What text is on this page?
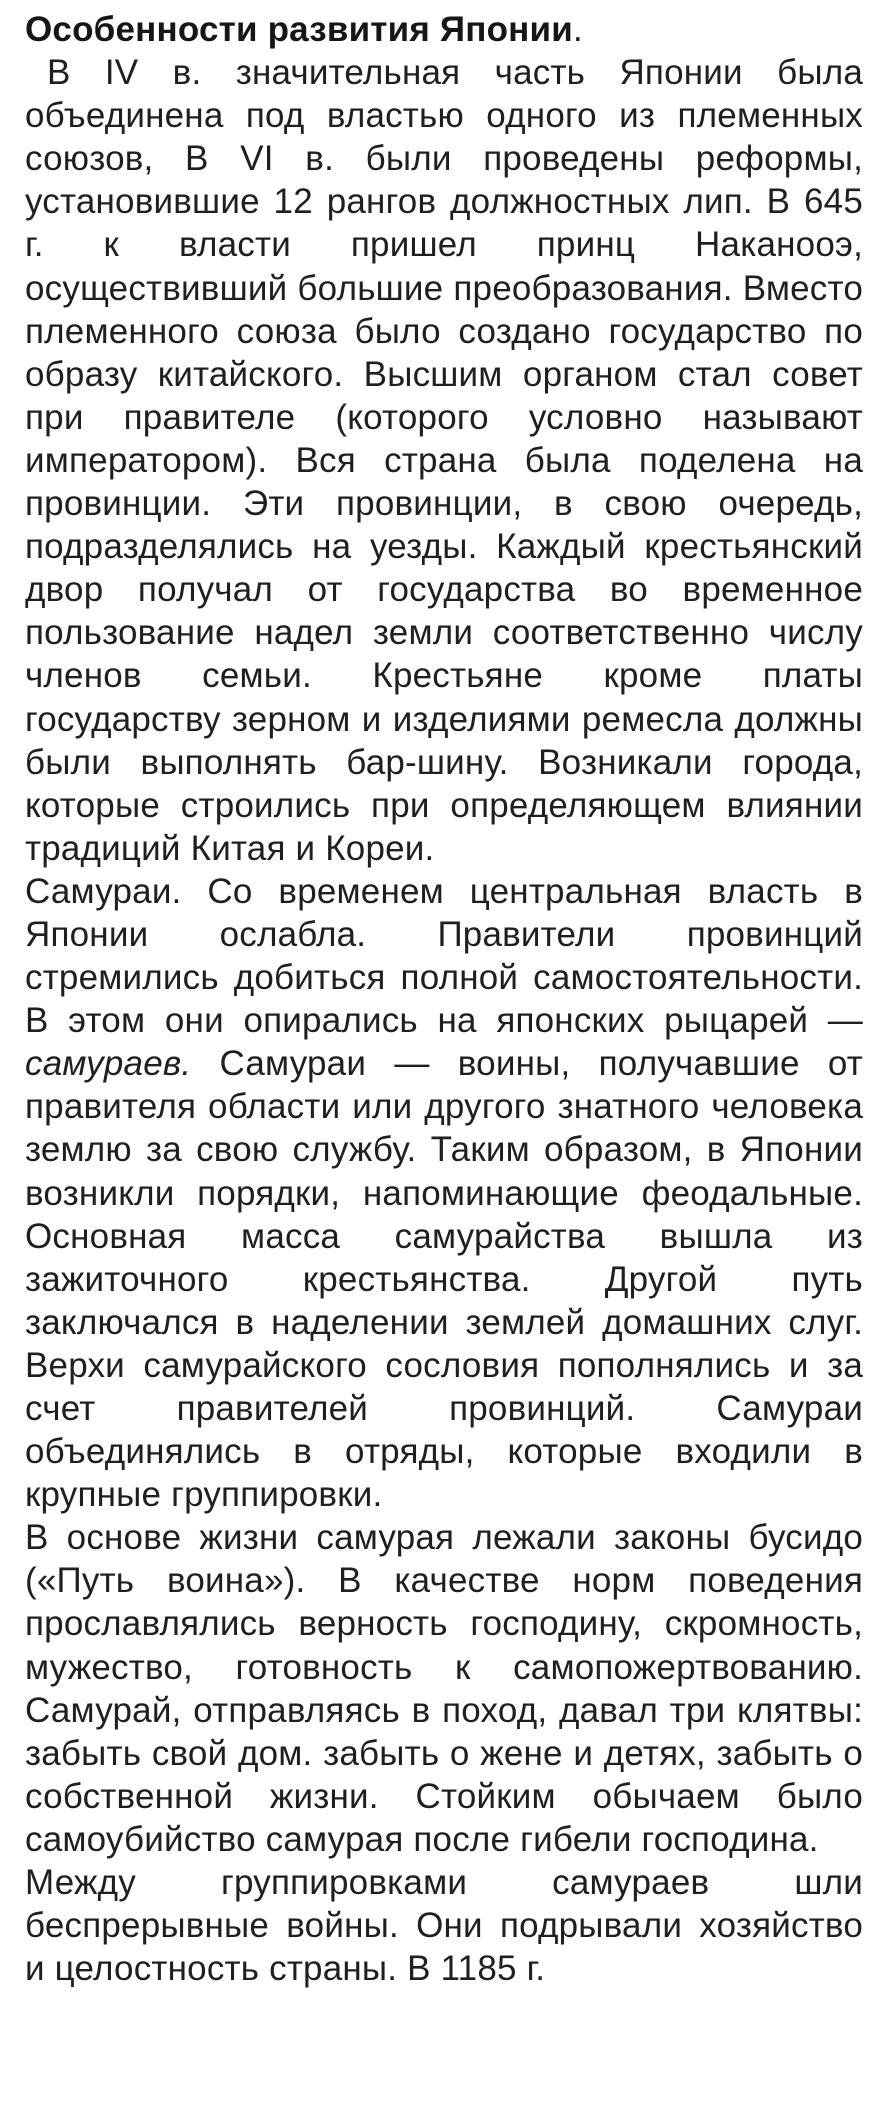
Особенности развития Японии.

В IV в. значительная часть Японии была объединена под властью одного из племенных союзов, В VI в. были проведены реформы, установившие 12 рангов должностных лип. В 645 г. к власти пришел принц Наканооэ, осуществивший большие преобразования. Вместо племенного союза было создано государство по образу китайского. Высшим органом стал совет при правителе (которого условно называют императором). Вся страна была поделена на провинции. Эти провинции, в свою очередь, подразделялись на уезды. Каждый крестьянский двор получал от государства во временное пользование надел земли соответственно числу членов семьи. Крестьяне кроме платы государству зерном и изделиями ремесла должны были выполнять бар-шину. Возникали города, которые строились при определяющем влиянии традиций Китая и Кореи.

Самураи. Со временем центральная власть в Японии ослабла. Правители провинций стремились добиться полной самостоятельности. В этом они опирались на японских рыцарей — самураев. Самураи — воины, получавшие от правителя области или другого знатного человека землю за свою службу. Таким образом, в Японии возникли порядки, напоминающие феодальные. Основная масса самурайства вышла из зажиточного крестьянства. Другой путь заключался в наделении землей домашних слуг. Верхи самурайского сословия пополнялись и за счет правителей провинций. Самураи объединялись в отряды, которые входили в крупные группировки.

В основе жизни самурая лежали законы бусидо («Путь воина»). В качестве норм поведения прославлялись верность господину, скромность, мужество, готовность к самопожертвованию. Самурай, отправляясь в поход, давал три клятвы: забыть свой дом. забыть о жене и детях, забыть о собственной жизни. Стойким обычаем было самоубийство самурая после гибели господина.

Между группировками самураев шли беспрерывные войны. Они подрывали хозяйство и целостность страны. В 1185 г.
